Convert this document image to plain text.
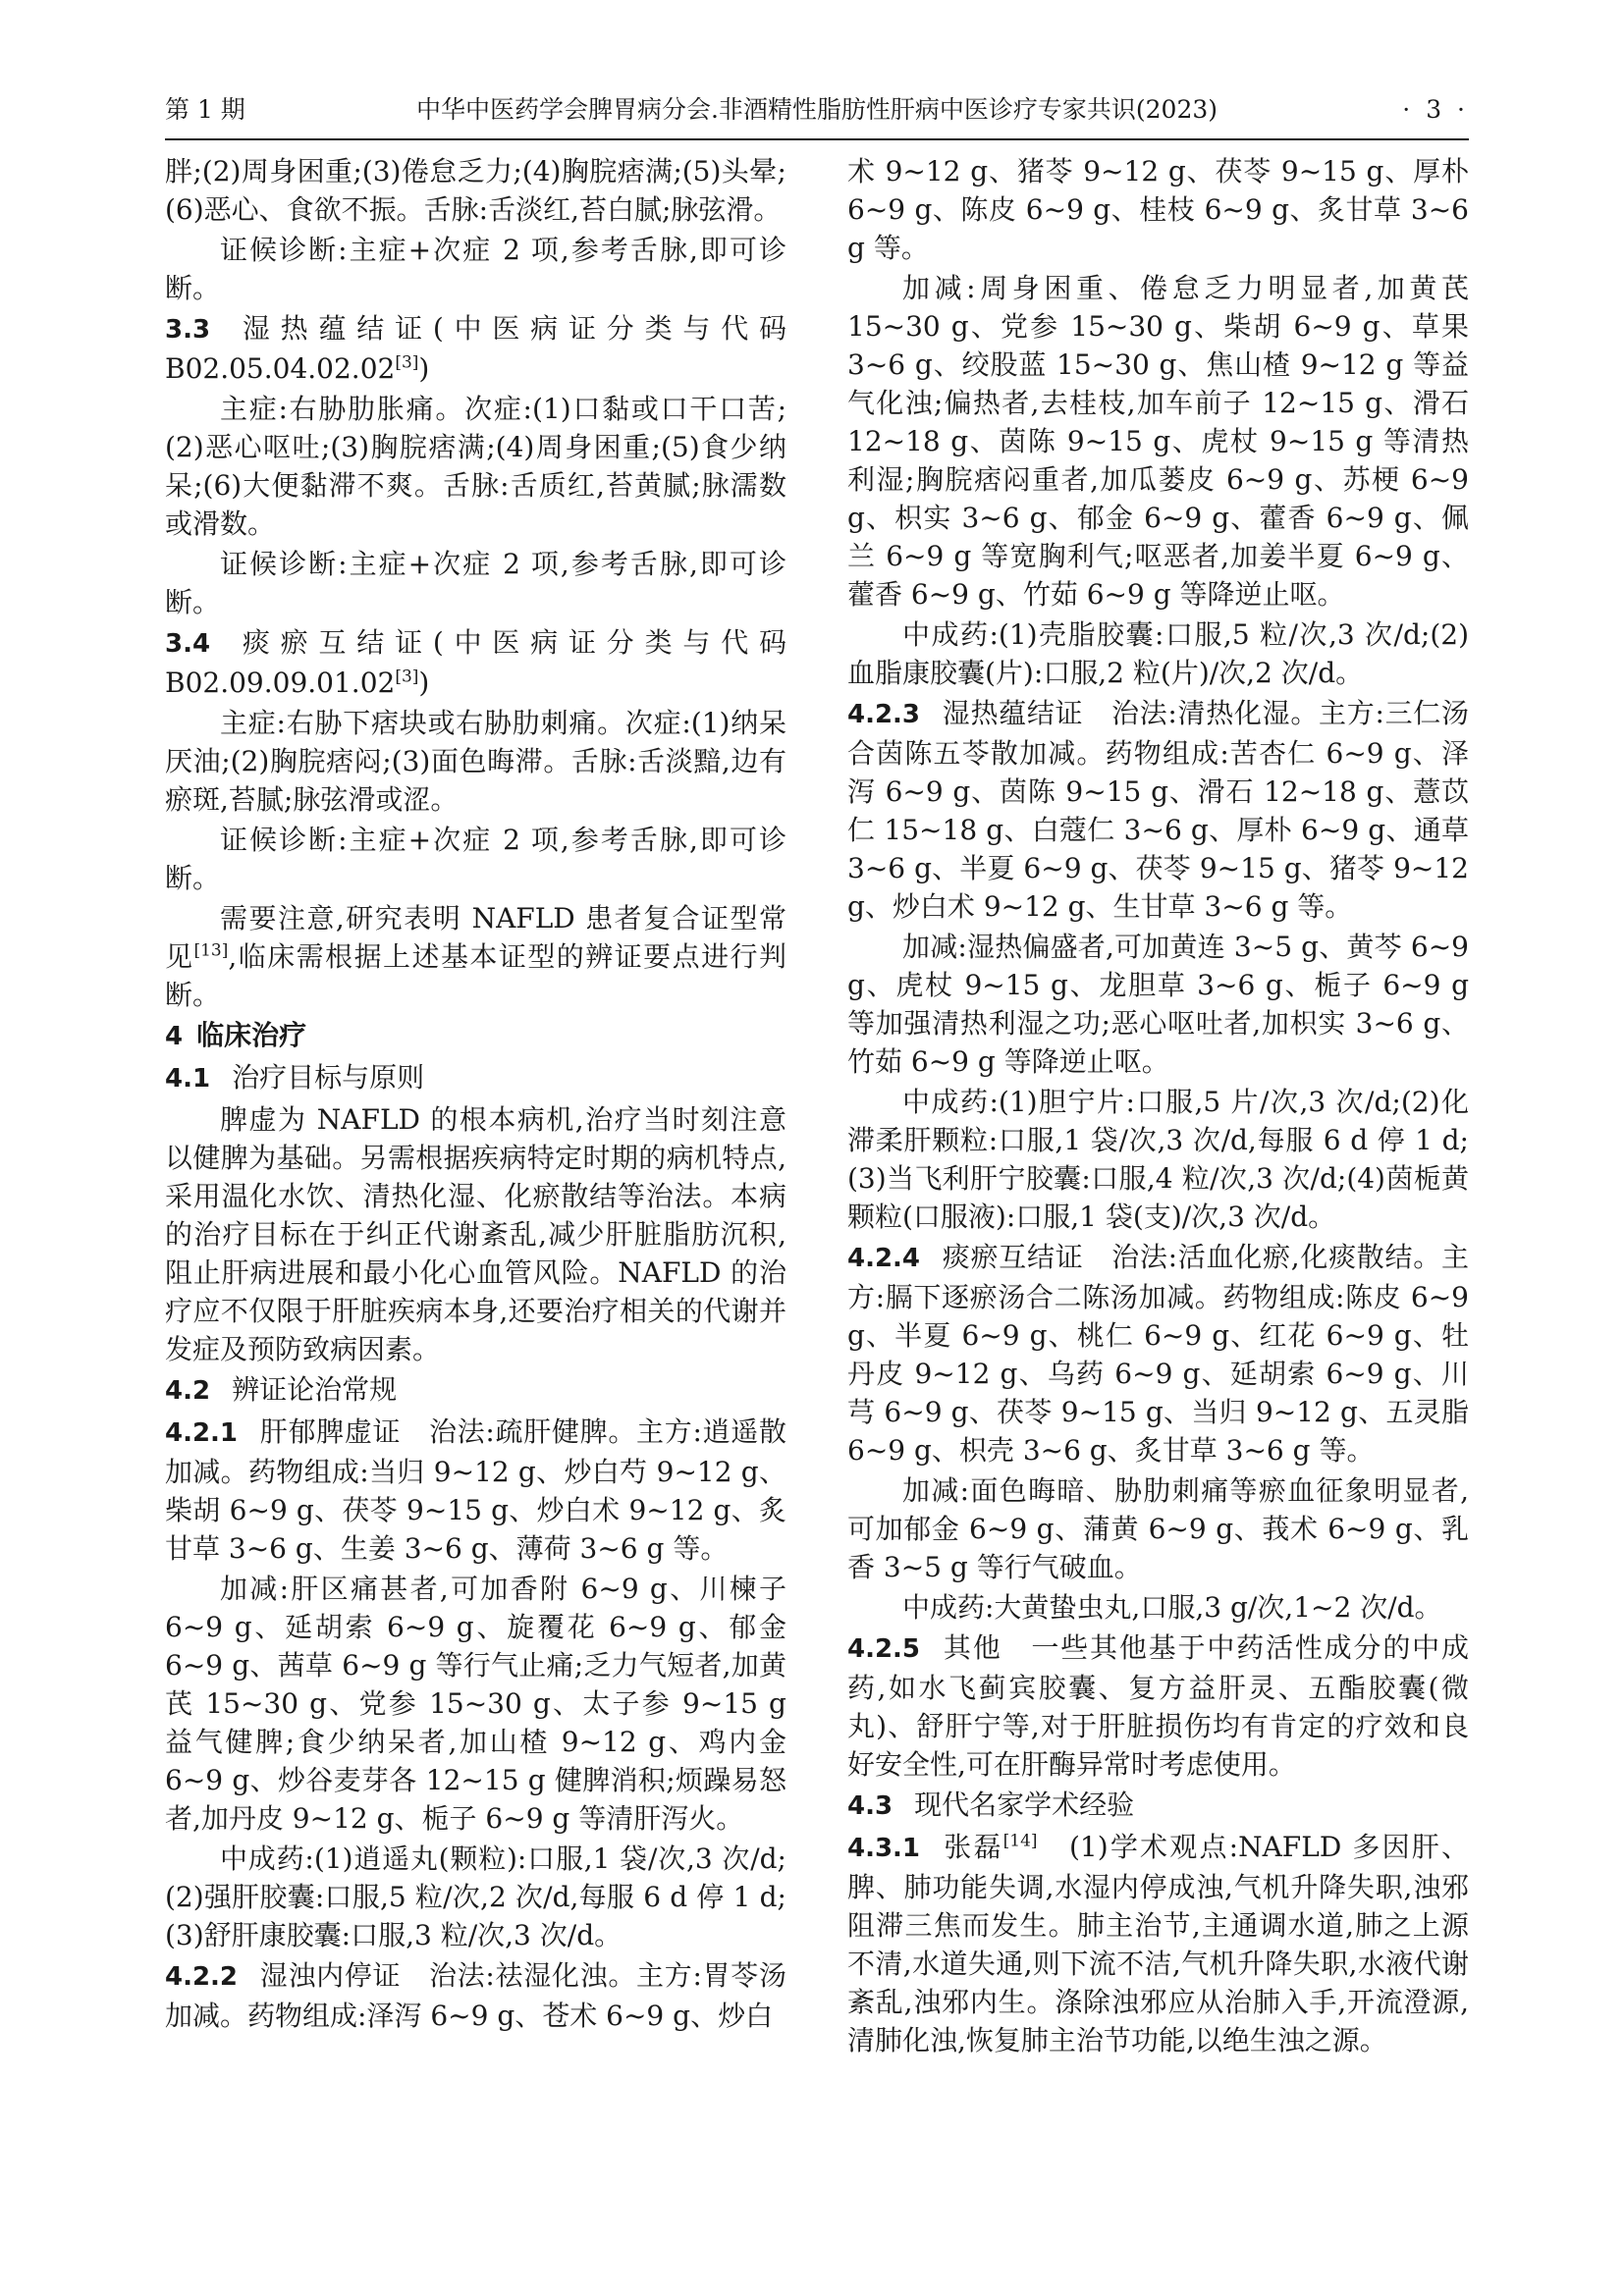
第 1 期	中华中医药学会脾胃病分会.非酒精性脂肪性肝病中医诊疗专家共识(2023)	· 3 ·

胖;(2)周身困重;(3)倦怠乏力;(4)胸脘痞满;(5)头晕;(6)恶心、食欲不振。舌脉:舌淡红,苔白腻;脉弦滑。

证候诊断:主症+次症 2 项,参考舌脉,即可诊断。

3.3 湿热蕴结证(中医病证分类与代码 B02.05.04.02.02[3])

主症:右胁肋胀痛。次症:(1)口黏或口干口苦;(2)恶心呕吐;(3)胸脘痞满;(4)周身困重;(5)食少纳呆;(6)大便黏滞不爽。舌脉:舌质红,苔黄腻;脉濡数或滑数。

证候诊断:主症+次症 2 项,参考舌脉,即可诊断。

3.4 痰瘀互结证(中医病证分类与代码 B02.09.09.01.02[3])

主症:右胁下痞块或右胁肋刺痛。次症:(1)纳呆厌油;(2)胸脘痞闷;(3)面色晦滞。舌脉:舌淡黯,边有瘀斑,苔腻;脉弦滑或涩。

证候诊断:主症+次症 2 项,参考舌脉,即可诊断。

需要注意,研究表明 NAFLD 患者复合证型常见[13],临床需根据上述基本证型的辨证要点进行判断。

4 临床治疗

4.1 治疗目标与原则

脾虚为 NAFLD 的根本病机,治疗当时刻注意以健脾为基础。另需根据疾病特定时期的病机特点,采用温化水饮、清热化湿、化瘀散结等治法。本病的治疗目标在于纠正代谢紊乱,减少肝脏脂肪沉积,阻止肝病进展和最小化心血管风险。NAFLD 的治疗应不仅限于肝脏疾病本身,还要治疗相关的代谢并发症及预防致病因素。

4.2 辨证论治常规

4.2.1 肝郁脾虚证　治法:疏肝健脾。主方:逍遥散加减。药物组成:当归 9~12 g、炒白芍 9~12 g、柴胡 6~9 g、茯苓 9~15 g、炒白术 9~12 g、炙甘草 3~6 g、生姜 3~6 g、薄荷 3~6 g 等。

加减:肝区痛甚者,可加香附 6~9 g、川楝子 6~9 g、延胡索 6~9 g、旋覆花 6~9 g、郁金 6~9 g、茜草 6~9 g 等行气止痛;乏力气短者,加黄芪 15~30 g、党参 15~30 g、太子参 9~15 g 益气健脾;食少纳呆者,加山楂 9~12 g、鸡内金 6~9 g、炒谷麦芽各 12~15 g 健脾消积;烦躁易怒者,加丹皮 9~12 g、栀子 6~9 g 等清肝泻火。

中成药:(1)逍遥丸(颗粒):口服,1 袋/次,3 次/d;(2)强肝胶囊:口服,5 粒/次,2 次/d,每服 6 d 停 1 d;(3)舒肝康胶囊:口服,3 粒/次,3 次/d。

4.2.2 湿浊内停证　治法:祛湿化浊。主方:胃苓汤加减。药物组成:泽泻 6~9 g、苍术 6~9 g、炒白

术 9~12 g、猪苓 9~12 g、茯苓 9~15 g、厚朴 6~9 g、陈皮 6~9 g、桂枝 6~9 g、炙甘草 3~6 g 等。

加减:周身困重、倦怠乏力明显者,加黄芪 15~30 g、党参 15~30 g、柴胡 6~9 g、草果 3~6 g、绞股蓝 15~30 g、焦山楂 9~12 g 等益气化浊;偏热者,去桂枝,加车前子 12~15 g、滑石 12~18 g、茵陈 9~15 g、虎杖 9~15 g 等清热利湿;胸脘痞闷重者,加瓜蒌皮 6~9 g、苏梗 6~9 g、枳实 3~6 g、郁金 6~9 g、藿香 6~9 g、佩兰 6~9 g 等宽胸利气;呕恶者,加姜半夏 6~9 g、藿香 6~9 g、竹茹 6~9 g 等降逆止呕。

中成药:(1)壳脂胶囊:口服,5 粒/次,3 次/d;(2)血脂康胶囊(片):口服,2 粒(片)/次,2 次/d。

4.2.3 湿热蕴结证　治法:清热化湿。主方:三仁汤合茵陈五苓散加减。药物组成:苦杏仁 6~9 g、泽泻 6~9 g、茵陈 9~15 g、滑石 12~18 g、薏苡仁 15~18 g、白蔻仁 3~6 g、厚朴 6~9 g、通草 3~6 g、半夏 6~9 g、茯苓 9~15 g、猪苓 9~12 g、炒白术 9~12 g、生甘草 3~6 g 等。

加减:湿热偏盛者,可加黄连 3~5 g、黄芩 6~9 g、虎杖 9~15 g、龙胆草 3~6 g、栀子 6~9 g 等加强清热利湿之功;恶心呕吐者,加枳实 3~6 g、竹茹 6~9 g 等降逆止呕。

中成药:(1)胆宁片:口服,5 片/次,3 次/d;(2)化滞柔肝颗粒:口服,1 袋/次,3 次/d,每服 6 d 停 1 d;(3)当飞利肝宁胶囊:口服,4 粒/次,3 次/d;(4)茵栀黄颗粒(口服液):口服,1 袋(支)/次,3 次/d。

4.2.4 痰瘀互结证　治法:活血化瘀,化痰散结。主方:膈下逐瘀汤合二陈汤加减。药物组成:陈皮 6~9 g、半夏 6~9 g、桃仁 6~9 g、红花 6~9 g、牡丹皮 9~12 g、乌药 6~9 g、延胡索 6~9 g、川芎 6~9 g、茯苓 9~15 g、当归 9~12 g、五灵脂 6~9 g、枳壳 3~6 g、炙甘草 3~6 g 等。

加减:面色晦暗、胁肋刺痛等瘀血征象明显者,可加郁金 6~9 g、蒲黄 6~9 g、莪术 6~9 g、乳香 3~5 g 等行气破血。

中成药:大黄蛰虫丸,口服,3 g/次,1~2 次/d。

4.2.5 其他　一些其他基于中药活性成分的中成药,如水飞蓟宾胶囊、复方益肝灵、五酯胶囊(微丸)、舒肝宁等,对于肝脏损伤均有肯定的疗效和良好安全性,可在肝酶异常时考虑使用。

4.3 现代名家学术经验

4.3.1 张磊[14]　(1)学术观点:NAFLD 多因肝、脾、肺功能失调,水湿内停成浊,气机升降失职,浊邪阻滞三焦而发生。肺主治节,主通调水道,肺之上源不清,水道失通,则下流不洁,气机升降失职,水液代谢紊乱,浊邪内生。涤除浊邪应从治肺入手,开流澄源,清肺化浊,恢复肺主治节功能,以绝生浊之源。
